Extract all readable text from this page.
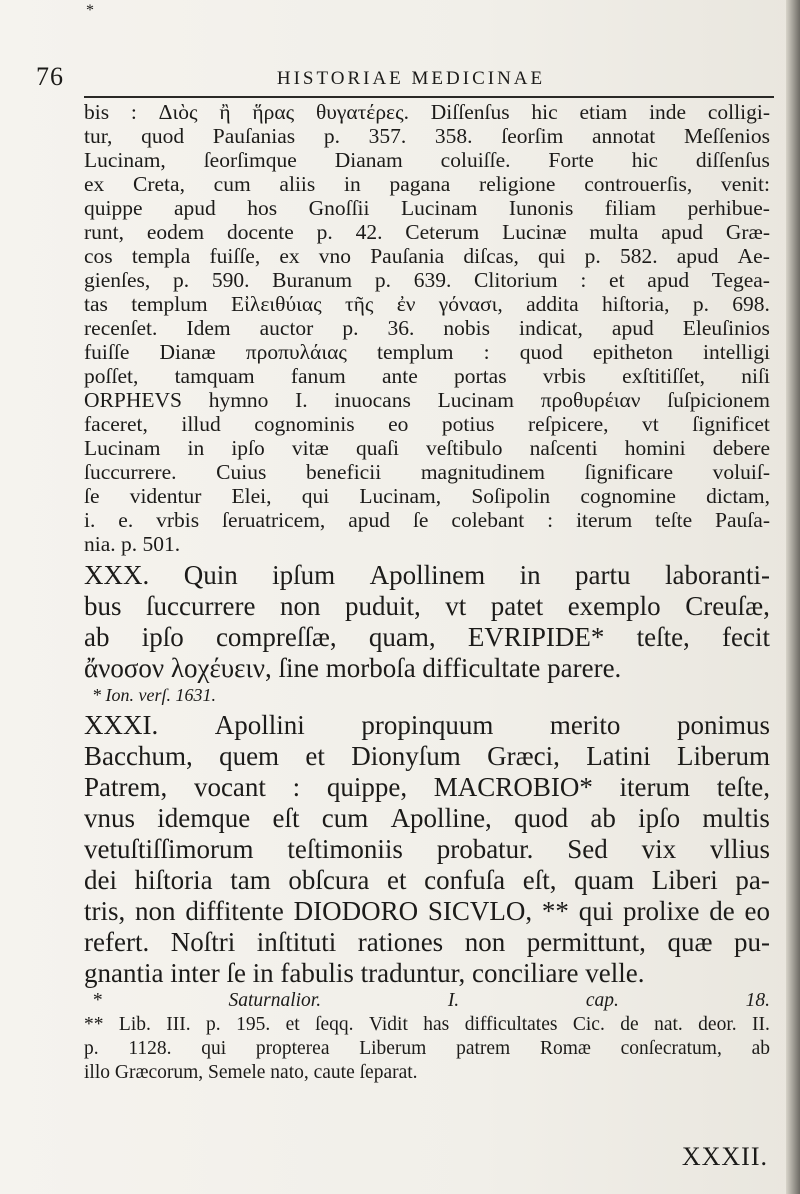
*
76	HISTORIAE MEDICINAE
bis : Διὸς ἢ ἥρας θυγατέρες. Diſſenſus hic etiam inde colligi-
tur, quod Pauſanias p. 357. 358. ſeorſim annotat Meſſenios
Lucinam, ſeorſimque Dianam coluiſſe. Forte hic diſſenſus
ex Creta, cum aliis in pagana religione controuerſis, venit:
quippe apud hos Gnoſſii Lucinam Iunonis filiam perhibue-
runt, eodem docente p. 42. Ceterum Lucinæ multa apud Græ-
cos templa fuiſſe, ex vno Pauſania diſcas, qui p. 582. apud Ae-
gienſes, p. 590. Buranum p. 639. Clitorium : et apud Tegea-
tas templum Εἰλειθύιας τῆς ἐν γόνασι, addita hiſtoria, p. 698.
recenſet. Idem auctor p. 36. nobis indicat, apud Eleuſinios
fuiſſe Dianæ προπυλάιας templum : quod epitheton intelligi
poſſet, tamquam fanum ante portas vrbis exſtitiſſet, niſi
ORPHEVS hymno I. inuocans Lucinam προθυρέιαν ſuſpicionem
faceret, illud cognominis eo potius reſpicere, vt ſignificet
Lucinam in ipſo vitæ quaſi veſtibulo naſcenti homini debere
ſuccurrere. Cuius beneficii magnitudinem ſignificare voluiſ-
ſe videntur Elei, qui Lucinam, Soſipolin cognomine dictam,
i. e. vrbis ſeruatricem, apud ſe colebant : iterum teſte Pauſa-
nia. p. 501.
XXX. Quin ipſum Apollinem in partu laboranti-
bus ſuccurrere non puduit, vt patet exemplo Creuſæ,
ab ipſo compreſſæ, quam, EVRIPIDE* teſte, fecit
ἄνοσον λοχέυειν, ſine morboſa difficultate parere.
* Ion. verſ. 1631.
XXXI. Apollini propinquum merito ponimus
Bacchum, quem et Dionyſum Græci, Latini Liberum
Patrem, vocant : quippe, MACROBIO* iterum teſte,
vnus idemque eſt cum Apolline, quod ab ipſo multis
vetuſtiſſimorum teſtimoniis probatur. Sed vix vllius
dei hiſtoria tam obſcura et confuſa eſt, quam Liberi pa-
tris, non diffitente DIODORO SICVLO, ** qui prolixe de eo
refert. Noſtri inſtituti rationes non permittunt, quæ pu-
gnantia inter ſe in fabulis traduntur, conciliare velle.
*	Saturnalior.	I.	cap.	18.
** Lib. III. p. 195. et ſeqq. Vidit has difficultates Cic. de nat. deor. II.
p. 1128. qui propterea Liberum patrem Romæ conſecratum, ab
illo Græcorum, Semele nato, caute ſeparat.
XXXII.
